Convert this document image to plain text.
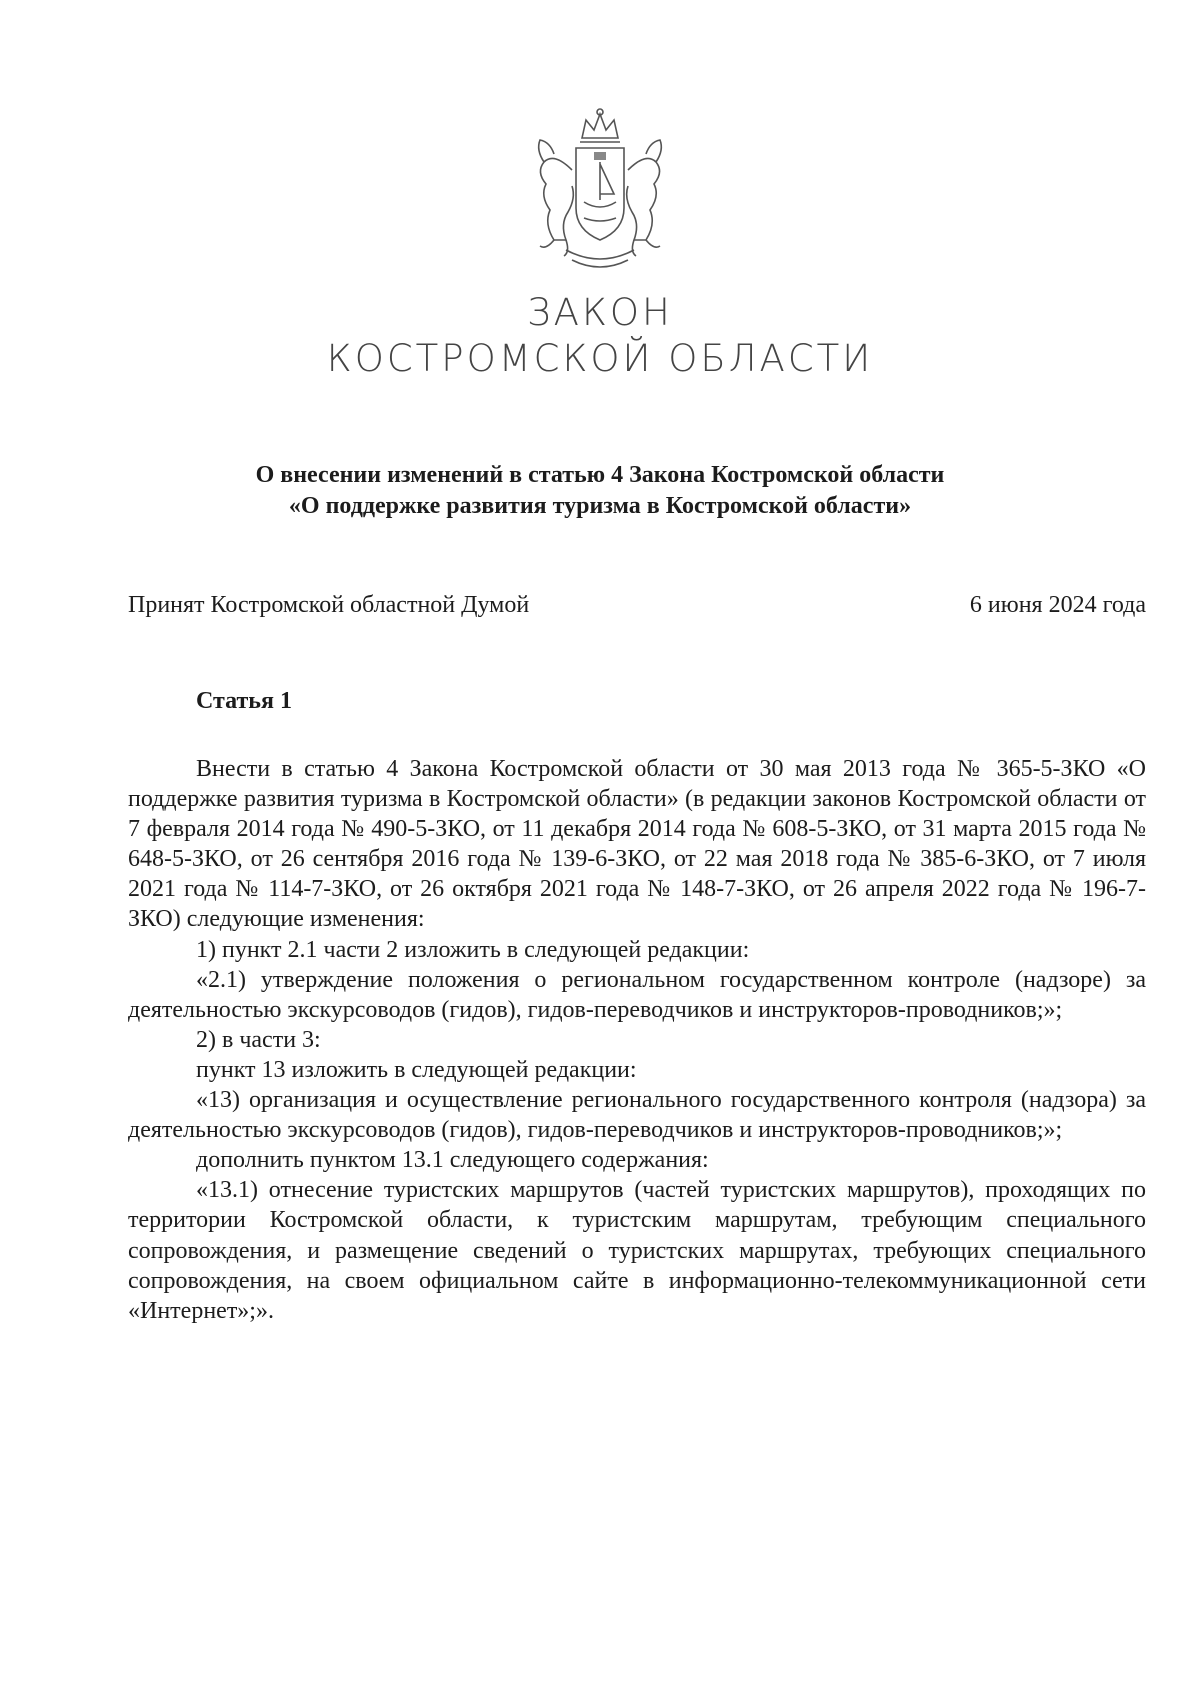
ЗАКОН
КОСТРОМСКОЙ ОБЛАСТИ
О внесении изменений в статью 4 Закона Костромской области
«О поддержке развития туризма в Костромской области»
Принят Костромской областной Думой	6 июня 2024 года
Статья 1

Внести в статью 4 Закона Костромской области от 30 мая 2013 года № 365-5-ЗКО «О поддержке развития туризма в Костромской области» (в редакции законов Костромской области от 7 февраля 2014 года № 490-5-ЗКО, от 11 декабря 2014 года № 608-5-ЗКО, от 31 марта 2015 года № 648-5-ЗКО, от 26 сентября 2016 года № 139-6-ЗКО, от 22 мая 2018 года № 385-6-ЗКО, от 7 июля 2021 года № 114-7-ЗКО, от 26 октября 2021 года № 148-7-ЗКО, от 26 апреля 2022 года № 196-7-ЗКО) следующие изменения:

1) пункт 2.1 части 2 изложить в следующей редакции:

«2.1) утверждение положения о региональном государственном контроле (надзоре) за деятельностью экскурсоводов (гидов), гидов-переводчиков и инструкторов-проводников;»;

2) в части 3:

пункт 13 изложить в следующей редакции:

«13) организация и осуществление регионального государственного контроля (надзора) за деятельностью экскурсоводов (гидов), гидов-переводчиков и инструкторов-проводников;»;

дополнить пунктом 13.1 следующего содержания:

«13.1) отнесение туристских маршрутов (частей туристских маршрутов), проходящих по территории Костромской области, к туристским маршрутам, требующим специального сопровождения, и размещение сведений о туристских маршрутах, требующих специального сопровождения, на своем официальном сайте в информационно-телекоммуникационной сети «Интернет»;».
